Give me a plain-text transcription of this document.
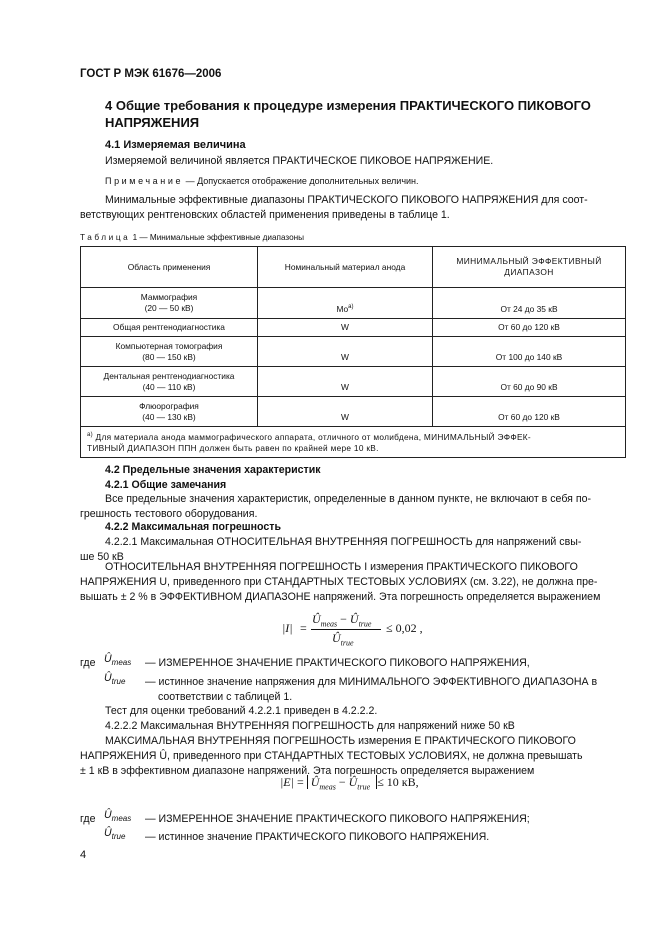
ГОСТ Р МЭК 61676—2006
4 Общие требования к процедуре измерения ПРАКТИЧЕСКОГО ПИКОВОГО
НАПРЯЖЕНИЯ
4.1 Измеряемая величина
Измеряемой величиной является ПРАКТИЧЕСКОЕ ПИКОВОЕ НАПРЯЖЕНИЕ.
Примечание — Допускается отображение дополнительных величин.
Минимальные эффективные диапазоны ПРАКТИЧЕСКОГО ПИКОВОГО НАПРЯЖЕНИЯ для соот-
ветствующих рентгеновских областей применения приведены в таблице 1.
Таблица 1 — Минимальные эффективные диапазоны
Область применения	Номинальный материал анода	МИНИМАЛЬНЫЙ ЭФФЕКТИВНЫЙ
ДИАПАЗОН

Маммография
(20 — 50 кВ)	Mo$^{a)}$	От 24 до 35 кВ
Общая рентгенодиагностика	W	От 60 до 120 кВ

Компьютерная томография
(80 — 150 кВ)	W	От 100 до 140 кВ

Дентальная рентгенодиагностика
(40 — 110 кВ)	W	От 60 до 90 кВ

Флюорография
(40 — 130 кВ)	W	От 60 до 120 кВ

$^{a)}$ Для материала анода маммографического аппарата, отличного от молибдена, МИНИМАЛЬНЫЙ ЭФФЕК-
ТИВНЫЙ ДИАПАЗОН ППН должен быть равен по крайней мере 10 кВ.		
4.2 Предельные значения характеристик
4.2.1 Общие замечания
Все предельные значения характеристик, определенные в данном пункте, не включают в себя по-
грешность тестового оборудования.
4.2.2 Максимальная погрешность
4.2.2.1 Максимальная ОТНОСИТЕЛЬНАЯ ВНУТРЕННЯЯ ПОГРЕШНОСТЬ для напряжений свы-
ше 50 кВ
ОТНОСИТЕЛЬНАЯ ВНУТРЕННЯЯ ПОГРЕШНОСТЬ I измерения ПРАКТИЧЕСКОГО ПИКОВОГО
НАПРЯЖЕНИЯ U, приведенного при СТАНДАРТНЫХ ТЕСТОВЫХ УСЛОВИЯХ (см. 3.22), не должна пре-
вышать ± 2 % в ЭФФЕКТИВНОМ ДИАПАЗОНЕ напряжений. Эта погрешность определяется выражением
|I| =
$Û_{meas}$ − $Û_{true}$
$Û_{true}$
≤ 0,02 ,
где $Û_{meas}$ — ИЗМЕРЕННОЕ ЗНАЧЕНИЕ ПРАКТИЧЕСКОГО ПИКОВОГО НАПРЯЖЕНИЯ,
$Û_{true}$ — истинное значение напряжения для МИНИМАЛЬНОГО ЭФФЕКТИВНОГО ДИАПАЗОНА в
соответствии с таблицей 1.
Тест для оценки требований 4.2.2.1 приведен в 4.2.2.2.
4.2.2.2 Максимальная ВНУТРЕННЯЯ ПОГРЕШНОСТЬ для напряжений ниже 50 кВ
МАКСИМАЛЬНАЯ ВНУТРЕННЯЯ ПОГРЕШНОСТЬ измерения E ПРАКТИЧЕСКОГО ПИКОВОГО
НАПРЯЖЕНИЯ Û, приведенного при СТАНДАРТНЫХ ТЕСТОВЫХ УСЛОВИЯХ, не должна превышать
± 1 кВ в эффективном диапазоне напряжений. Эта погрешность определяется выражением
$|E| = Û_{meas}$ − $Û_{true} \le 10$ кВ,
где $Û_{meas}$ — ИЗМЕРЕННОЕ ЗНАЧЕНИЕ ПРАКТИЧЕСКОГО ПИКОВОГО НАПРЯЖЕНИЯ;
$Û_{true}$ — истинное значение ПРАКТИЧЕСКОГО ПИКОВОГО НАПРЯЖЕНИЯ.
4
